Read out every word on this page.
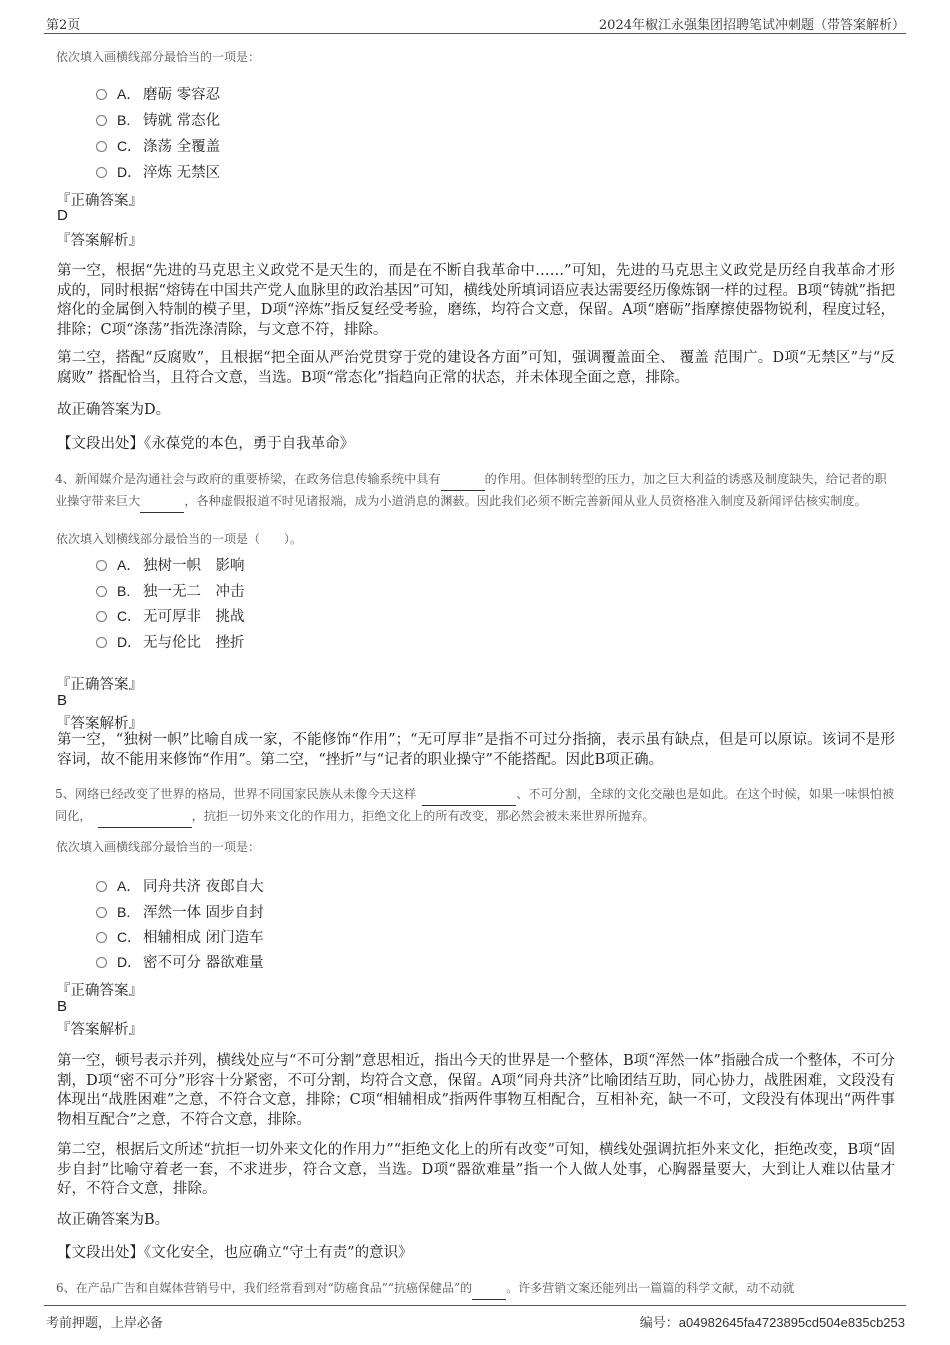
第2页	2024年椒江永强集团招聘笔试冲刺题（带答案解析）
依次填入画横线部分最恰当的一项是：
A． 磨砺 零容忍
B. 铸就 常态化
C． 涤荡 全覆盖
D． 淬炼 无禁区
『正确答案』
D
『答案解析』
第一空，根据“先进的马克思主义政党不是天生的，而是在不断自我革命中……”可知，先进的马克思主义政党是历经自我革命才形成的，同时根据“熔铸在中国共产党人血脉里的政治基因”可知，横线处所填词语应表达需要经历像炼钢一样的过程。B项“铸就”指把熔化的金属倒入特制的模子里，D项“淬炼”指反复经受考验，磨练，均符合文意，保留。A项“磨砺”指摩擦使器物锐利，程度过轻，排除；C项“涤荡”指洗涤清除，与文意不符，排除。
第二空，搭配“反腐败”，且根据“把全面从严治党贯穿于党的建设各方面”可知，强调覆盖面全、 覆盖 范围广。D项“无禁区”与“反腐败” 搭配恰当，且符合文意，当选。B项“常态化”指趋向正常的状态，并未体现全面之意，排除。
故正确答案为D。
【文段出处】《永葆党的本色，勇于自我革命》
4、新闻媒介是沟通社会与政府的重要桥梁，在政务信息传输系统中具有	的作用。但体制转型的压力，加之巨大利益的诱惑及制度缺失，给记者的职业操守带来巨大	，各种虚假报道不时见诸报端，成为小道消息的渊薮。因此我们必须不断完善新闻从业人员资格准入制度及新闻评估核实制度。
依次填入划横线部分最恰当的一项是（　　）。
A． 独树一帜　影响
B. 独一无二　冲击
C． 无可厚非　挑战
D． 无与伦比　挫折
『正确答案』
B
『答案解析』
第一空，“独树一帜”比喻自成一家，不能修饰“作用”；“无可厚非”是指不可过分指摘，表示虽有缺点，但是可以原谅。该词不是形容词，故不能用来修饰“作用”。第二空，“挫折”与“记者的职业操守”不能搭配。因此B项正确。
5、网络已经改变了世界的格局，世界不同国家民族从未像今天这样	、不可分割，全球的文化交融也是如此。在这个时候，如果一味惧怕被同化，	，抗拒一切外来文化的作用力，拒绝文化上的所有改变，那必然会被未来世界所抛弃。
依次填入画横线部分最恰当的一项是：
A． 同舟共济 夜郎自大
B. 浑然一体 固步自封
C． 相辅相成 闭门造车
D． 密不可分 器欲难量
『正确答案』
B
『答案解析』
第一空，顿号表示并列，横线处应与“不可分割”意思相近，指出今天的世界是一个整体，B项“浑然一体”指融合成一个整体，不可分割，D项“密不可分”形容十分紧密，不可分割，均符合文意，保留。A项“同舟共济”比喻团结互助，同心协力，战胜困难，文段没有体现出“战胜困难”之意，不符合文意，排除；C项“相辅相成”指两件事物互相配合，互相补充，缺一不可，文段没有体现出“两件事物相互配合”之意，不符合文意，排除。
第二空，根据后文所述“抗拒一切外来文化的作用力”“拒绝文化上的所有改变”可知，横线处强调抗拒外来文化，拒绝改变，B项“固步自封”比喻守着老一套，不求进步，符合文意，当选。D项“器欲难量”指一个人做人处事，心胸器量要大，大到让人难以估量才好，不符合文意，排除。
故正确答案为B。
【文段出处】《文化安全，也应确立“守土有责”的意识》
6、在产品广告和自媒体营销号中，我们经常看到对“防癌食品”“抗癌保健品”的	。许多营销文案还能列出一篇篇的科学文献，动不动就
考前押题，上岸必备	编号：a04982645fa4723895cd504e835cb253
